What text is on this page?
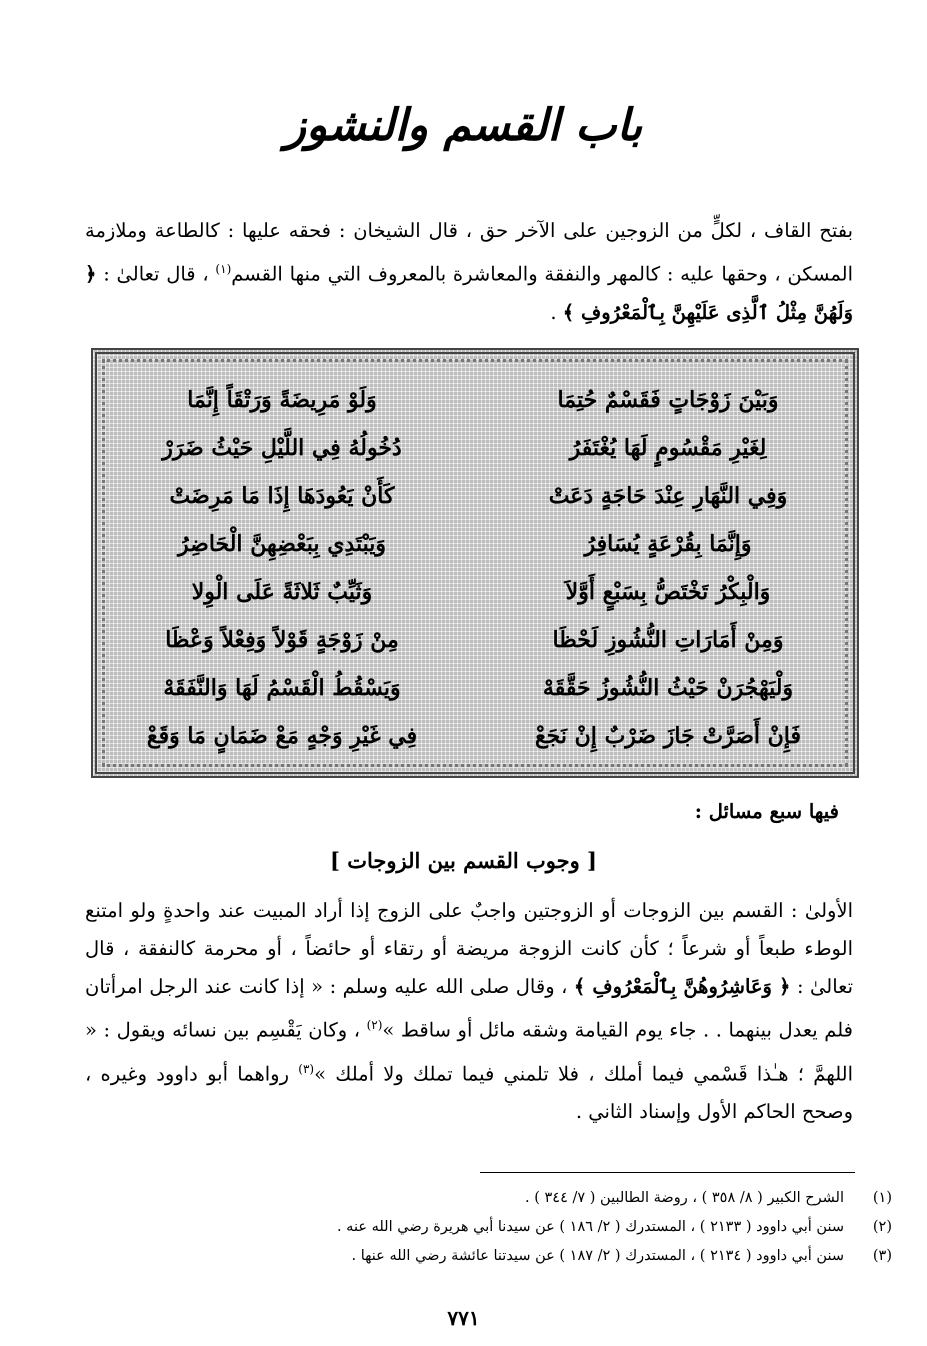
باب القسم والنشوز
بفتح القاف ، لكلٍّ من الزوجين على الآخر حق ، قال الشيخان : فحقه عليها : كالطاعة وملازمة المسكن ، وحقها عليه : كالمهر والنفقة والمعاشرة بالمعروف التي منها القسم$^{(١)}$ ، قال تعالىٰ : ﴿ وَلَهُنَّ مِثْلُ ٱلَّذِى عَلَيْهِنَّ بِٱلْمَعْرُوفِ ﴾ .
وَبَيْنَ زَوْجَاتٍ فَقَسْمٌ حُتِمَا
وَلَوْ مَرِيضَةً وَرَتْقَاً إِنَّمَا
لِغَيْرِ مَقْسُومٍ لَهَا يُغْتَفَرُ
دُخُولُهُ فِي اللَّيْلِ حَيْثُ ضَرَرْ
وَفِي النَّهَارِ عِنْدَ حَاجَةٍ دَعَتْ
كَأَنْ يَعُودَهَا إِذَا مَا مَرِضَتْ
وَإِنَّمَا بِقُرْعَةٍ يُسَافِرُ
وَيَبْتَدِي بِبَعْضِهِنَّ الْحَاضِرُ
وَالْبِكْرُ تَخْتَصُّ بِسَبْعٍ أَوَّلاَ
وَثَيِّبٌ ثَلاثَةً عَلَى الْوِلا
وَمِنْ أَمَارَاتِ النُّشُوزِ لَحْظَا
مِنْ زَوْجَةٍ قَوْلاً وَفِعْلاً وَعْظَا
وَلْيَهْجُرَنْ حَيْثُ النُّشُوزُ حَقَّقَهْ
وَيَسْقُطُ الْقَسْمُ لَهَا وَالنَّفَقَهْ
فَإِنْ أَصَرَّتْ جَازَ ضَرْبٌ إِنْ نَجَعْ
فِي غَيْرِ وَجْهٍ مَعْ ضَمَانٍ مَا وَقَعْ
فيها سبع مسائل :
[ وجوب القسم بين الزوجات ]
الأولىٰ : القسم بين الزوجات أو الزوجتين واجبٌ على الزوج إذا أراد المبيت عند واحدةٍ ولو امتنع الوطء طبعاً أو شرعاً ؛ كأن كانت الزوجة مريضة أو رتقاء أو حائضاً ، أو محرمة كالنفقة ، قال تعالىٰ : ﴿ وَعَاشِرُوهُنَّ بِٱلْمَعْرُوفِ ﴾ ، وقال صلى الله عليه وسلم : « إذا كانت عند الرجل امرأتان فلم يعدل بينهما . . جاء يوم القيامة وشقه مائل أو ساقط »$^{(٢)}$ ، وكان يَقْسِم بين نسائه ويقول : « اللهمَّ ؛ هـٰذا قَسْمي فيما أملك ، فلا تلمني فيما تملك ولا أملك »$^{(٣)}$ رواهما أبو داوود وغيره ، وصحح الحاكم الأول وإسناد الثاني .
(١)
الشرح الكبير ( ٨/ ٣٥٨ ) ، روضة الطالبين ( ٧/ ٣٤٤ ) .
(٢)
سنن أبي داوود ( ٢١٣٣ ) ، المستدرك ( ٢/ ١٨٦ ) عن سيدنا أبي هريرة رضي الله عنه .
(٣)
سنن أبي داوود ( ٢١٣٤ ) ، المستدرك ( ٢/ ١٨٧ ) عن سيدتنا عائشة رضي الله عنها .
٧٧١
